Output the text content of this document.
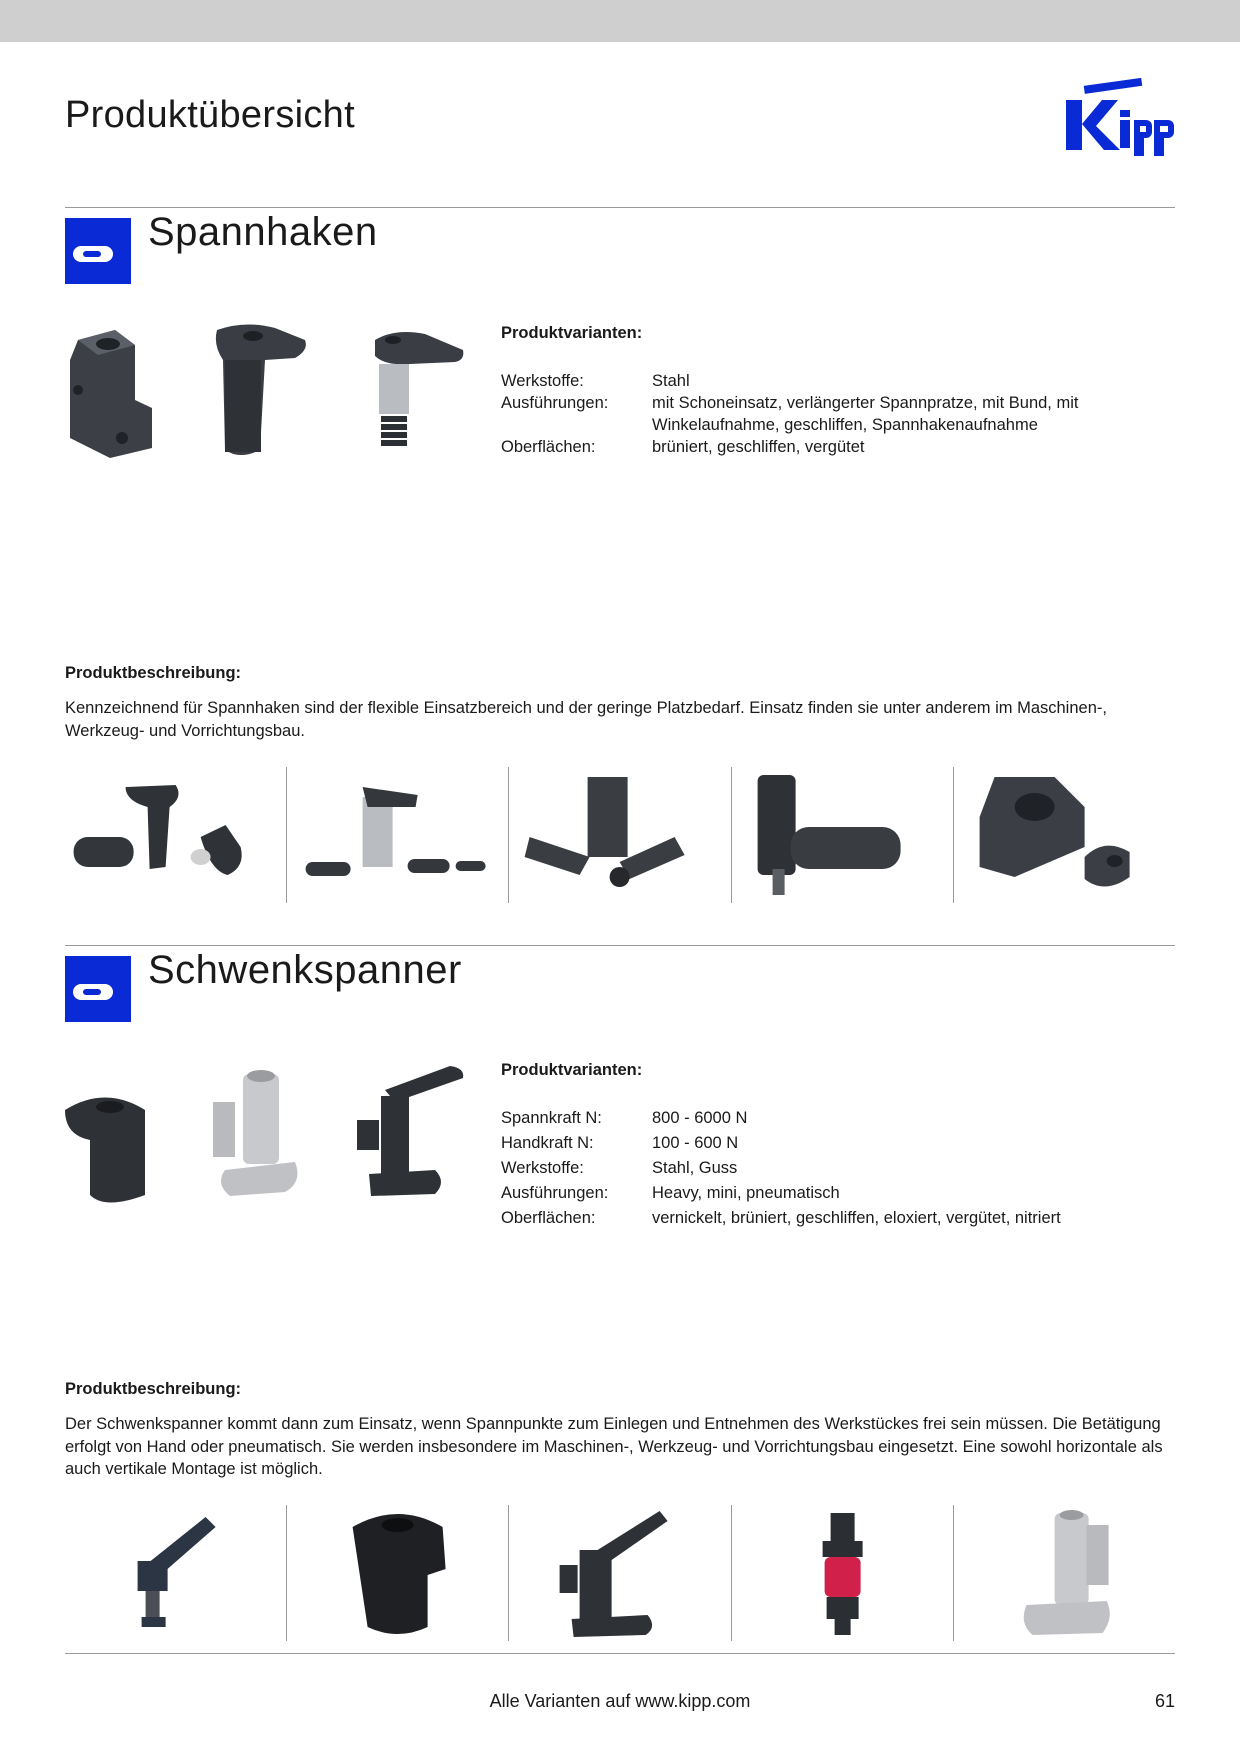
Produktübersicht
Spannhaken
Produktvarianten:
Werkstoffe:	Stahl
Ausführungen:	mit Schoneinsatz, verlängerter Spannpratze, mit Bund, mit Winkelaufnahme, geschliffen, Spannhakenaufnahme
Oberflächen:	brüniert, geschliffen, vergütet
Produktbeschreibung:
Kennzeichnend für Spannhaken sind der flexible Einsatzbereich und der geringe Platzbedarf. Einsatz finden sie unter anderem im Maschinen-, Werkzeug- und Vorrichtungsbau.
Schwenkspanner
Produktvarianten:
Spannkraft N:	800 - 6000 N
Handkraft N:	100 - 600 N
Werkstoffe:	Stahl, Guss
Ausführungen:	Heavy, mini, pneumatisch
Oberflächen:	vernickelt, brüniert, geschliffen, eloxiert, vergütet, nitriert
Produktbeschreibung:
Der Schwenkspanner kommt dann zum Einsatz, wenn Spannpunkte zum Einlegen und Entnehmen des Werkstückes frei sein müssen. Die Betätigung erfolgt von Hand oder pneumatisch. Sie werden insbesondere im Maschinen-, Werkzeug- und Vorrichtungsbau eingesetzt. Eine sowohl horizontale als auch vertikale Montage ist möglich.
Alle Varianten auf www.kipp.com	61
